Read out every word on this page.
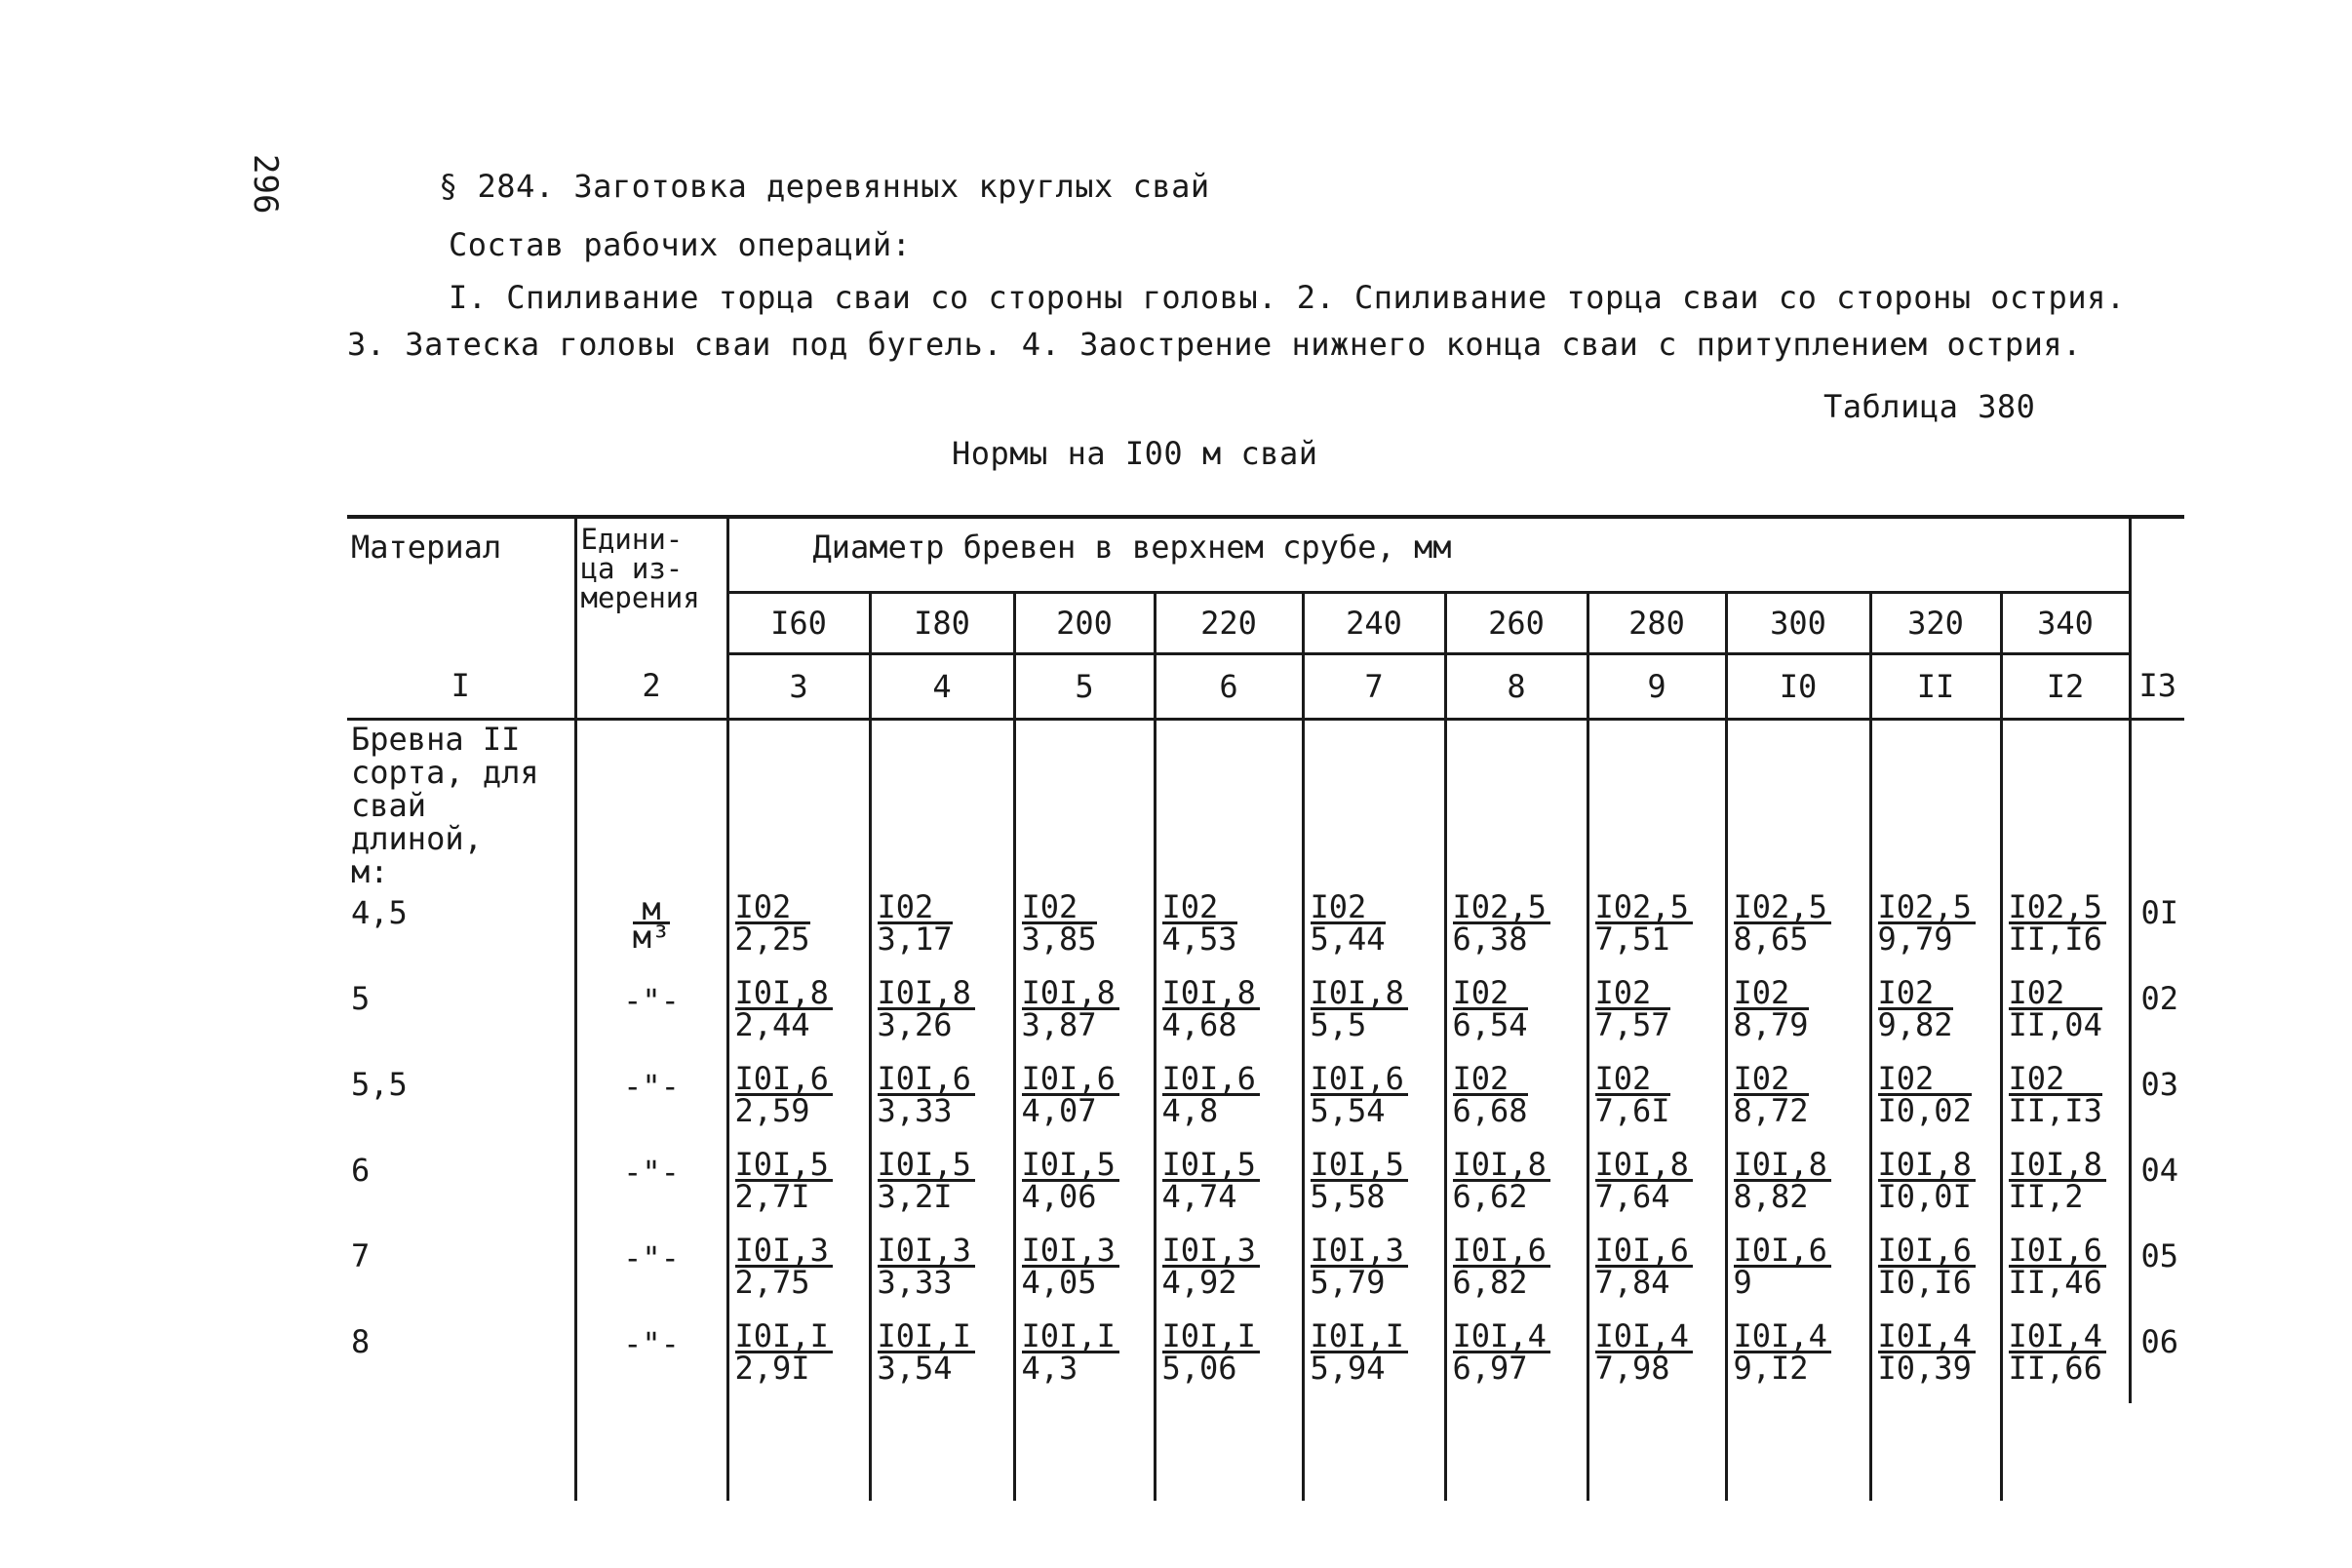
296	§ 284. Заготовка деревянных круглых свай
Состав рабочих операций:
I. Спиливание торца сваи со стороны головы. 2. Спиливание торца сваи со стороны острия.
3. Затеска головы сваи под бугель. 4. Заострение нижнего конца сваи с притуплением острия.
Таблица 380
Нормы на I00 м свай
Материал	Едини-
ца из-
мерения	Диаметр бревен в верхнем срубе, мм										
		I60	I80	200	220	240	260	280	300	320	340	
I	2	3	4	5	6	7	8	9	I0	II	I2	I3
Бревна II
сорта, для
свай длиной,
м:												
4,5	$\frac{м}{\text{м³}}$	$\frac{I02}{2,25}$	$\frac{I02}{3,17}$	$\frac{I02}{3,85}$	$\frac{I02}{4,53}$	$\frac{I02}{5,44}$	$\frac{I02,5}{6,38}$	$\frac{I02,5}{7,51}$	$\frac{I02,5}{8,65}$	$\frac{I02,5}{9,79}$	$\frac{I02,5}{II,I6}$	0I
5	-"-	$\frac{I0I,8}{2,44}$	$\frac{I0I,8}{3,26}$	$\frac{I0I,8}{3,87}$	$\frac{I0I,8}{4,68}$	$\frac{I0I,8}{5,5}$	$\frac{I02}{6,54}$	$\frac{I02}{7,57}$	$\frac{I02}{8,79}$	$\frac{I02}{9,82}$	$\frac{I02}{II,04}$	02
5,5	-"-	$\frac{I0I,6}{2,59}$	$\frac{I0I,6}{3,33}$	$\frac{I0I,6}{4,07}$	$\frac{I0I,6}{4,8}$	$\frac{I0I,6}{5,54}$	$\frac{I02}{6,68}$	$\frac{I02}{7,6I}$	$\frac{I02}{8,72}$	$\frac{I02}{I0,02}$	$\frac{I02}{II,I3}$	03
6	-"-	$\frac{I0I,5}{2,7I}$	$\frac{I0I,5}{3,2I}$	$\frac{I0I,5}{4,06}$	$\frac{I0I,5}{4,74}$	$\frac{I0I,5}{5,58}$	$\frac{I0I,8}{6,62}$	$\frac{I0I,8}{7,64}$	$\frac{I0I,8}{8,82}$	$\frac{I0I,8}{I0,0I}$	$\frac{I0I,8}{II,2}$	04
7	-"-	$\frac{I0I,3}{2,75}$	$\frac{I0I,3}{3,33}$	$\frac{I0I,3}{4,05}$	$\frac{I0I,3}{4,92}$	$\frac{I0I,3}{5,79}$	$\frac{I0I,6}{6,82}$	$\frac{I0I,6}{7,84}$	$\frac{I0I,6}{9}$	$\frac{I0I,6}{I0,I6}$	$\frac{I0I,6}{II,46}$	05
8	-"-	$\frac{I0I,I}{2,9I}$	$\frac{I0I,I}{3,54}$	$\frac{I0I,I}{4,3}$	$\frac{I0I,I}{5,06}$	$\frac{I0I,I}{5,94}$	$\frac{I0I,4}{6,97}$	$\frac{I0I,4}{7,98}$	$\frac{I0I,4}{9,I2}$	$\frac{I0I,4}{I0,39}$	$\frac{I0I,4}{II,66}$	06
